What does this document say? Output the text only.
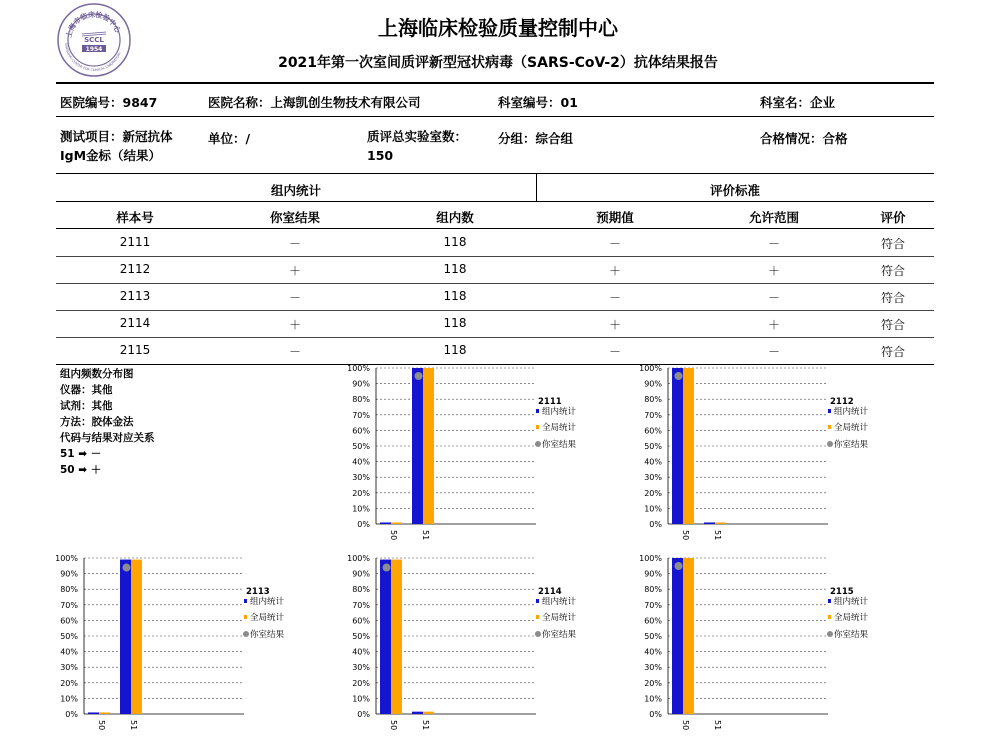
上海市临床检验中心
SHANGHAI CENTER FOR CLINICAL LABORATORY
SCCL
1954
上海临床检验质量控制中心
2021年第一次室间质评新型冠状病毒（SARS-CoV-2）抗体结果报告
医院编号：9847	医院名称：上海凯创生物技术有限公司	科室编号：01	科室名：企业
测试项目：新冠抗体IgM金标（结果）
单位：/	质评总实验室数：150
分组：综合组	合格情况：合格
组内统计	评价标准
样本号	你室结果	组内数	预期值	允许范围	评价
2111	－	118	－	－	符合
2112	＋	118	＋	＋	符合
2113	－	118	－	－	符合
2114	＋	118	＋	＋	符合
2115	－	118	－	－	符合
组内频数分布图
仪器：其他
试剂：其他
方法：胶体金法
代码与结果对应关系
51 ➡ －
50 ➡ ＋
0%
10%
20%
30%
40%
50%
60%
70%
80%
90%
100%
50	51
2111
组内统计
全局统计
你室结果
0%
10%
20%
30%
40%
50%
60%
70%
80%
90%
100%
50	51
2112
组内统计
全局统计
你室结果
0%
10%
20%
30%
40%
50%
60%
70%
80%
90%
100%
50	51
2113
组内统计
全局统计
你室结果
0%
10%
20%
30%
40%
50%
60%
70%
80%
90%
100%
50	51
2114
组内统计
全局统计
你室结果
0%
10%
20%
30%
40%
50%
60%
70%
80%
90%
100%
50	51
2115
组内统计
全局统计
你室结果
